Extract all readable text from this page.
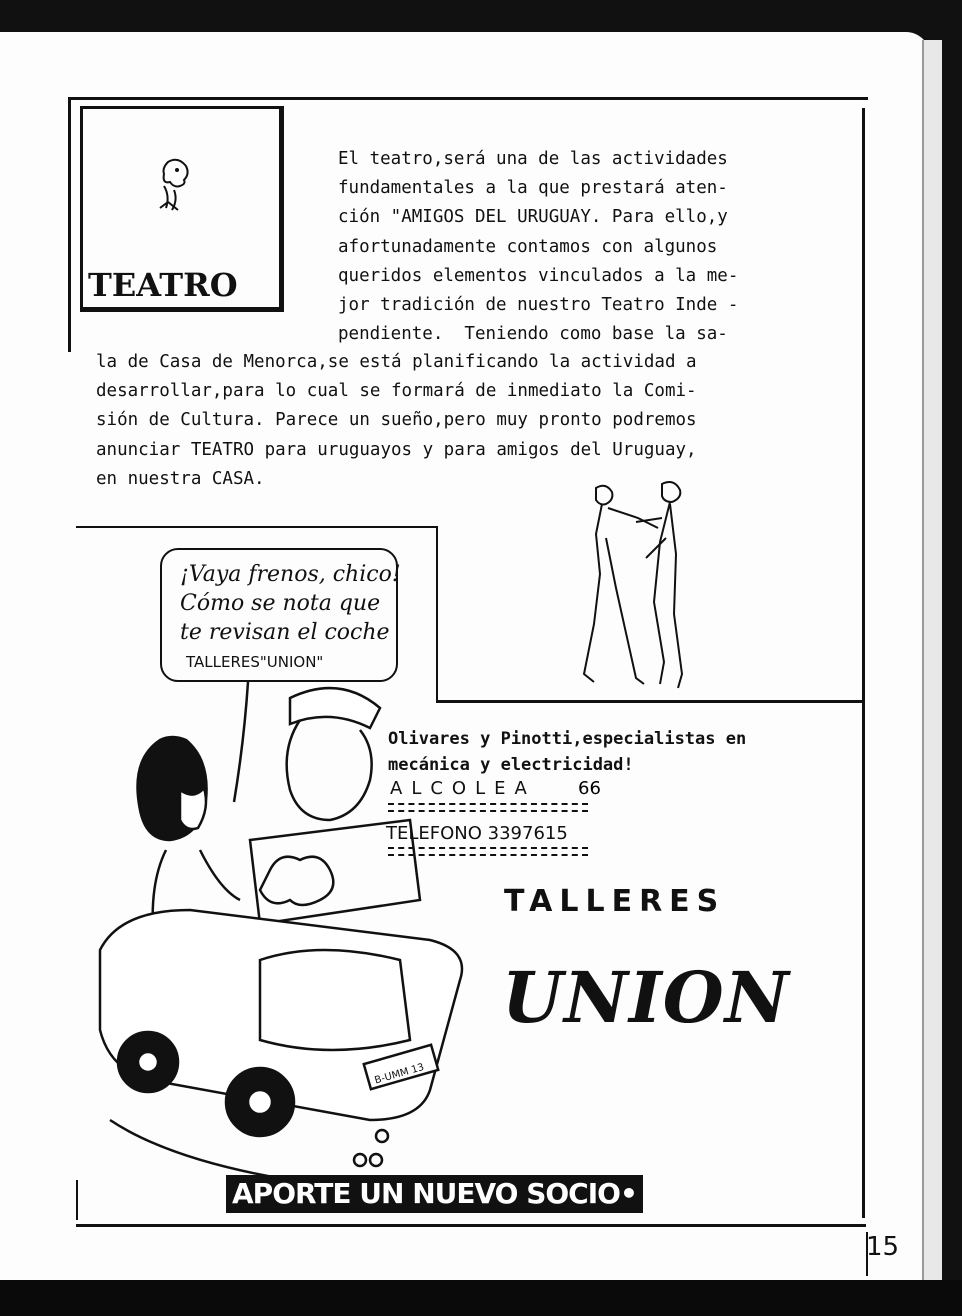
TEATRO
El teatro,será una de las actividades
fundamentales a la que prestará aten-
ción "AMIGOS DEL URUGUAY. Para ello,y
afortunadamente contamos con algunos
queridos elementos vinculados a la me-
jor tradición de nuestro Teatro Inde -
pendiente.  Teniendo como base la sa-
la de Casa de Menorca,se está planificando la actividad a
desarrollar,para lo cual se formará de inmediato la Comi-
sión de Cultura. Parece un sueño,pero muy pronto podremos
anunciar TEATRO para uruguayos y para amigos del Uruguay,
en nuestra CASA.
¡Vaya frenos, chico!
Cómo se nota que
te revisan el coche
TALLERES"UNION"
B-UMM 13
Olivares y Pinotti,especialistas en
mecánica y electricidad!
ALCOLEA 66
TELEFONO 3397615
TALLERES
UNION
APORTE UN NUEVO SOCIO•
15
